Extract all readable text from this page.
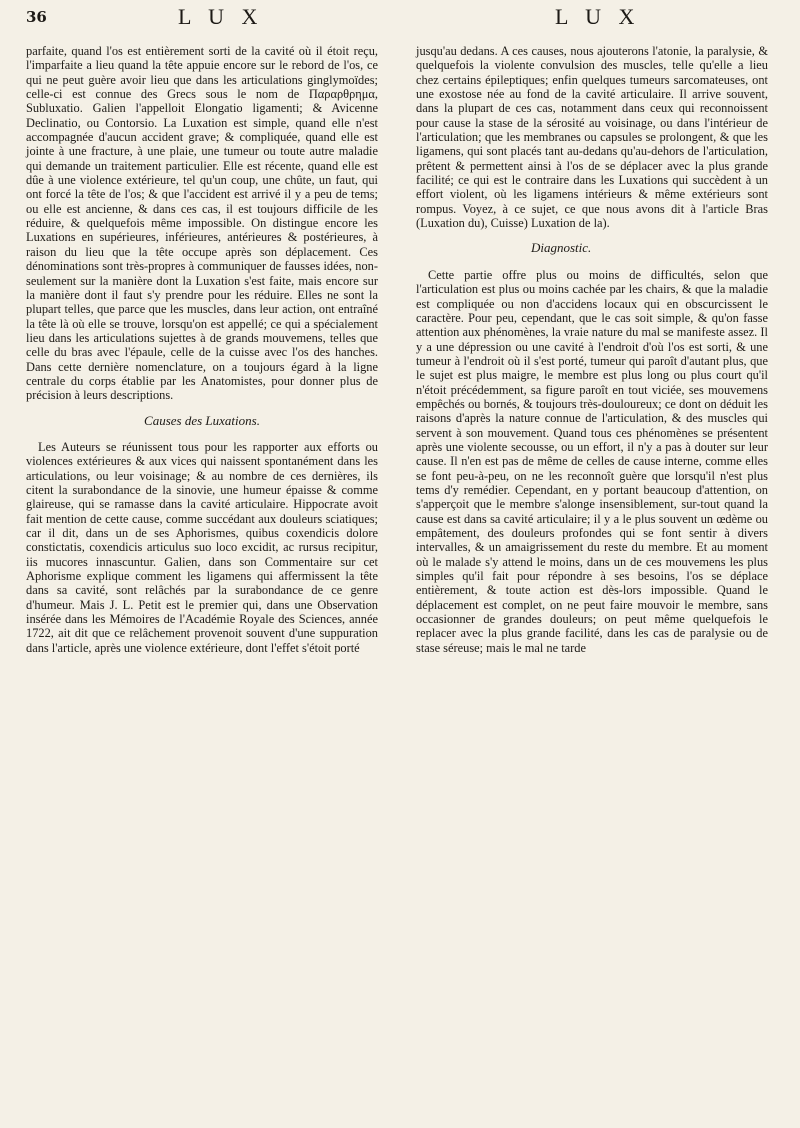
36	L U X	L U X

parfaite, quand l'os est entièrement sorti de la cavité où il étoit reçu, l'imparfaite a lieu quand la tête appuie encore sur le rebord de l'os, ce qui ne peut guère avoir lieu que dans les articulations ginglymoïdes; celle-ci est connue des Grecs sous le nom de Παραρθρημα, Subluxatio. Galien l'appelloit Elongatio ligamenti; & Avicenne Declinatio, ou Contorsio. La Luxation est simple, quand elle n'est accompagnée d'aucun accident grave; & compliquée, quand elle est jointe à une fracture, à une plaie, une tumeur ou toute autre maladie qui demande un traitement particulier. Elle est récente, quand elle est dûe à une violence extérieure, tel qu'un coup, une chûte, un faut, qui ont forcé la tête de l'os; & que l'accident est arrivé il y a peu de tems; ou elle est ancienne, & dans ces cas, il est toujours difficile de les réduire, & quelquefois même impossible. On distingue encore les Luxations en supérieures, inférieures, antérieures & postérieures, à raison du lieu que la tête occupe après son déplacement. Ces dénominations sont très-propres à communiquer de fausses idées, non-seulement sur la manière dont la Luxation s'est faite, mais encore sur la manière dont il faut s'y prendre pour les réduire. Elles ne sont la plupart telles, que parce que les muscles, dans leur action, ont entraîné la tête là où elle se trouve, lorsqu'on est appellé; ce qui a spécialement lieu dans les articulations sujettes à de grands mouvemens, telles que celle du bras avec l'épaule, celle de la cuisse avec l'os des hanches. Dans cette dernière nomenclature, on a toujours égard à la ligne centrale du corps établie par les Anatomistes, pour donner plus de précision à leurs descriptions.

Causes des Luxations.

Les Auteurs se réunissent tous pour les rapporter aux efforts ou violences extérieures & aux vices qui naissent spontanément dans les articulations, ou leur voisinage; & au nombre de ces dernières, ils citent la surabondance de la sinovie, une humeur épaisse & comme glaireuse, qui se ramasse dans la cavité articulaire. Hippocrate avoit fait mention de cette cause, comme succédant aux douleurs sciatiques; car il dit, dans un de ses Aphorismes, quibus coxendicis dolore constictatis, coxendicis articulus suo loco excidit, ac rursus recipitur, iis mucores innascuntur. Galien, dans son Commentaire sur cet Aphorisme explique comment les ligamens qui affermissent la tête dans sa cavité, sont relâchés par la surabondance de ce genre d'humeur. Mais J. L. Petit est le premier qui, dans une Observation insérée dans les Mémoires de l'Académie Royale des Sciences, année 1722, ait dit que ce relâchement provenoit souvent d'une suppuration dans l'article, après une violence extérieure, dont l'effet s'étoit porté

jusqu'au dedans. A ces causes, nous ajouterons l'atonie, la paralysie, & quelquefois la violente convulsion des muscles, telle qu'elle a lieu chez certains épileptiques; enfin quelques tumeurs sarcomateuses, ont une exostose née au fond de la cavité articulaire. Il arrive souvent, dans la plupart de ces cas, notamment dans ceux qui reconnoissent pour cause la stase de la sérosité au voisinage, ou dans l'intérieur de l'articulation; que les membranes ou capsules se prolongent, & que les ligamens, qui sont placés tant au-dedans qu'au-dehors de l'articulation, prêtent & permettent ainsi à l'os de se déplacer avec la plus grande facilité; ce qui est le contraire dans les Luxations qui succèdent à un effort violent, où les ligamens intérieurs & même extérieurs sont rompus. Voyez, à ce sujet, ce que nous avons dit à l'article Bras (Luxation du), Cuisse) Luxation de la).

Diagnostic.

Cette partie offre plus ou moins de difficultés, selon que l'articulation est plus ou moins cachée par les chairs, & que la maladie est compliquée ou non d'accidens locaux qui en obscurcissent le caractère. Pour peu, cependant, que le cas soit simple, & qu'on fasse attention aux phénomènes, la vraie nature du mal se manifeste assez. Il y a une dépression ou une cavité à l'endroit d'où l'os est sorti, & une tumeur à l'endroit où il s'est porté, tumeur qui paroît d'autant plus, que le sujet est plus maigre, le membre est plus long ou plus court qu'il n'étoit précédemment, sa figure paroît en tout viciée, ses mouvemens empêchés ou bornés, & toujours très-douloureux; ce dont on déduit les raisons d'après la nature connue de l'articulation, & des muscles qui servent à son mouvement. Quand tous ces phénomènes se présentent après une violente secousse, ou un effort, il n'y a pas à douter sur leur cause. Il n'en est pas de même de celles de cause interne, comme elles se font peu-à-peu, on ne les reconnoît guère que lorsqu'il n'est plus tems d'y remédier. Cependant, en y portant beaucoup d'attention, on s'apperçoit que le membre s'alonge insensiblement, sur-tout quand la cause est dans sa cavité articulaire; il y a le plus souvent un œdème ou empâtement, des douleurs profondes qui se font sentir à divers intervalles, & un amaigrissement du reste du membre. Et au moment où le malade s'y attend le moins, dans un de ces mouvemens les plus simples qu'il fait pour répondre à ses besoins, l'os se déplace entièrement, & toute action est dès-lors impossible. Quand le déplacement est complet, on ne peut faire mouvoir le membre, sans occasionner de grandes douleurs; on peut même quelquefois le replacer avec la plus grande facilité, dans les cas de paralysie ou de stase séreuse; mais le mal ne tarde
